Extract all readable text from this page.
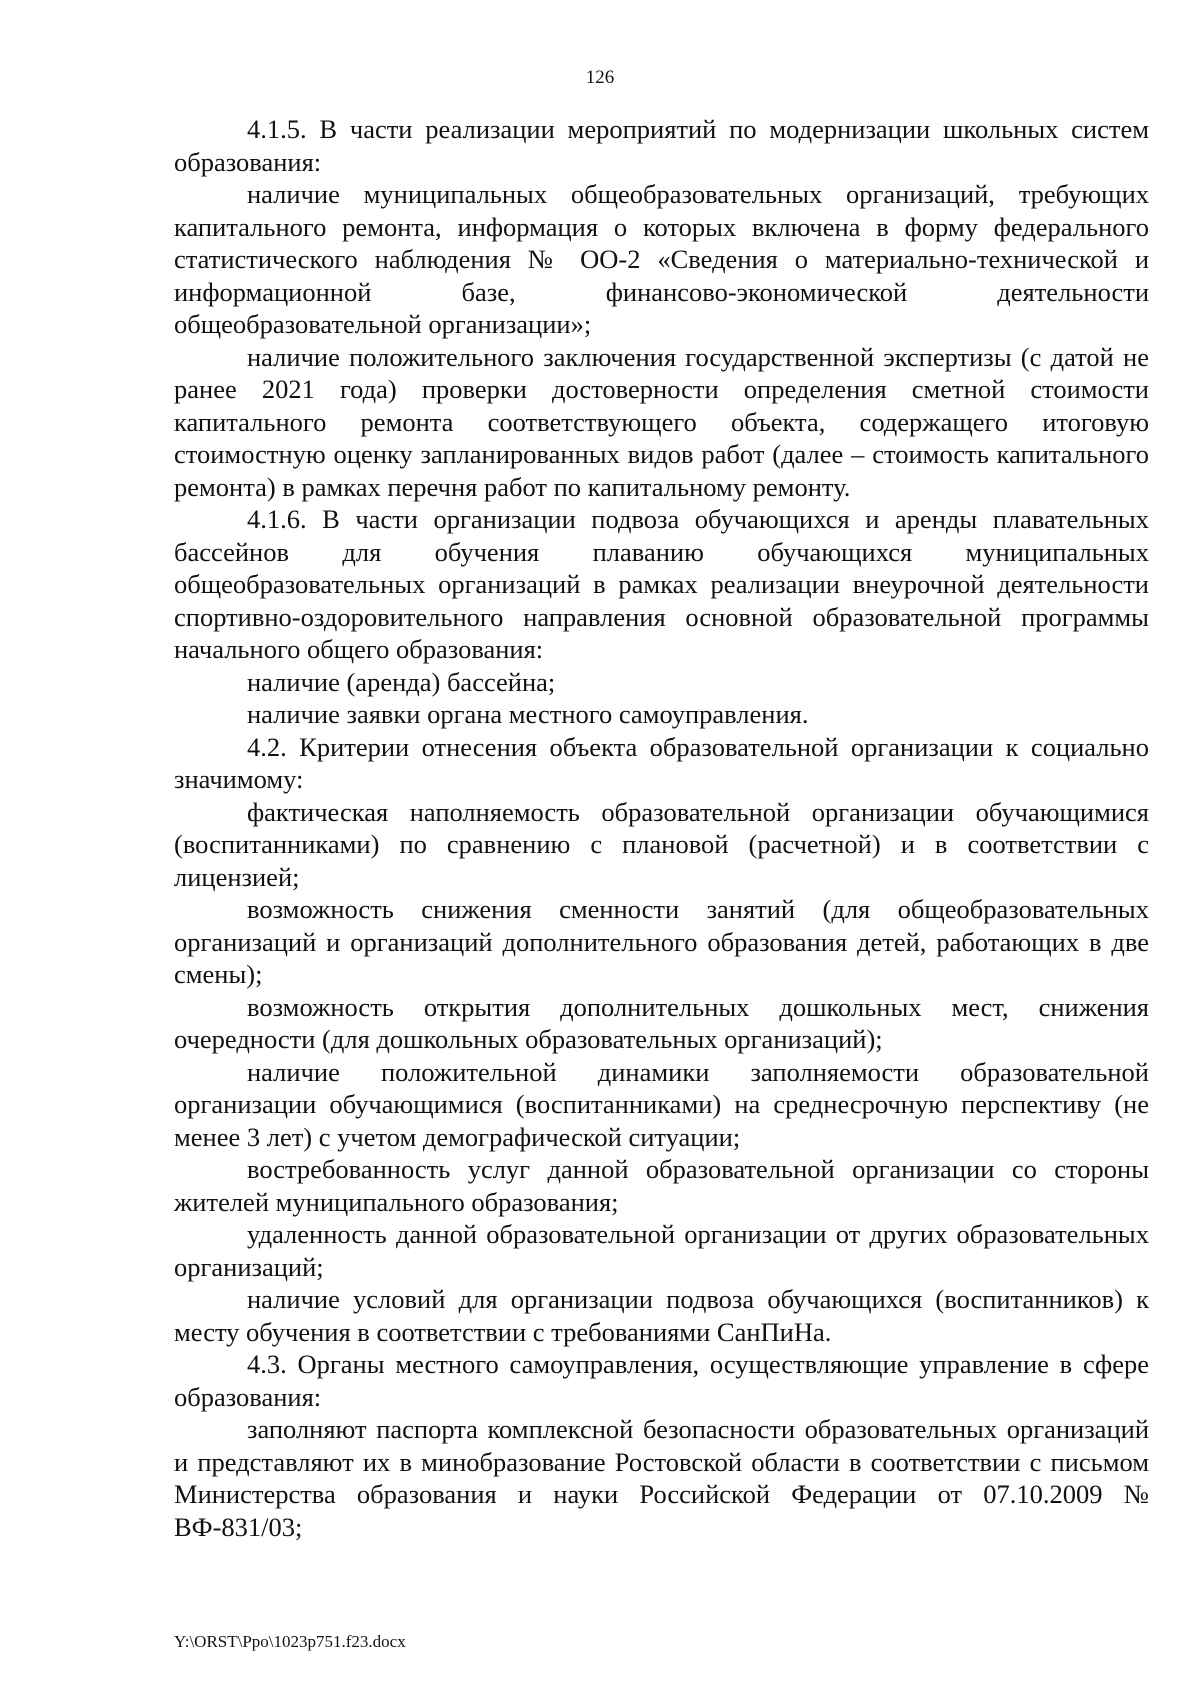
126

4.1.5. В части реализации мероприятий по модернизации школьных систем образования:

наличие муниципальных общеобразовательных организаций, требующих капитального ремонта, информация о которых включена в форму федерального статистического наблюдения № ОО-2 «Сведения о материально-технической и информационной базе, финансово-экономической деятельности общеобразовательной организации»;

наличие положительного заключения государственной экспертизы (с датой не ранее 2021 года) проверки достоверности определения сметной стоимости капитального ремонта соответствующего объекта, содержащего итоговую стоимостную оценку запланированных видов работ (далее – стоимость капитального ремонта) в рамках перечня работ по капитальному ремонту.

4.1.6. В части организации подвоза обучающихся и аренды плавательных бассейнов для обучения плаванию обучающихся муниципальных общеобразовательных организаций в рамках реализации внеурочной деятельности спортивно-оздоровительного направления основной образовательной программы начального общего образования:

наличие (аренда) бассейна;

наличие заявки органа местного самоуправления.

4.2. Критерии отнесения объекта образовательной организации к социально значимому:

фактическая наполняемость образовательной организации обучающимися (воспитанниками) по сравнению с плановой (расчетной) и в соответствии с лицензией;

возможность снижения сменности занятий (для общеобразовательных организаций и организаций дополнительного образования детей, работающих в две смены);

возможность открытия дополнительных дошкольных мест, снижения очередности (для дошкольных образовательных организаций);

наличие положительной динамики заполняемости образовательной организации обучающимися (воспитанниками) на среднесрочную перспективу (не менее 3 лет) с учетом демографической ситуации;

востребованность услуг данной образовательной организации со стороны жителей муниципального образования;

удаленность данной образовательной организации от других образовательных организаций;

наличие условий для организации подвоза обучающихся (воспитанников) к месту обучения в соответствии с требованиями СанПиНа.

4.3. Органы местного самоуправления, осуществляющие управление в сфере образования:

заполняют паспорта комплексной безопасности образовательных организаций и представляют их в минобразование Ростовской области в соответствии с письмом Министерства образования и науки Российской Федерации от 07.10.2009 № ВФ-831/03;

Y:\ORST\Ppo\1023p751.f23.docx
